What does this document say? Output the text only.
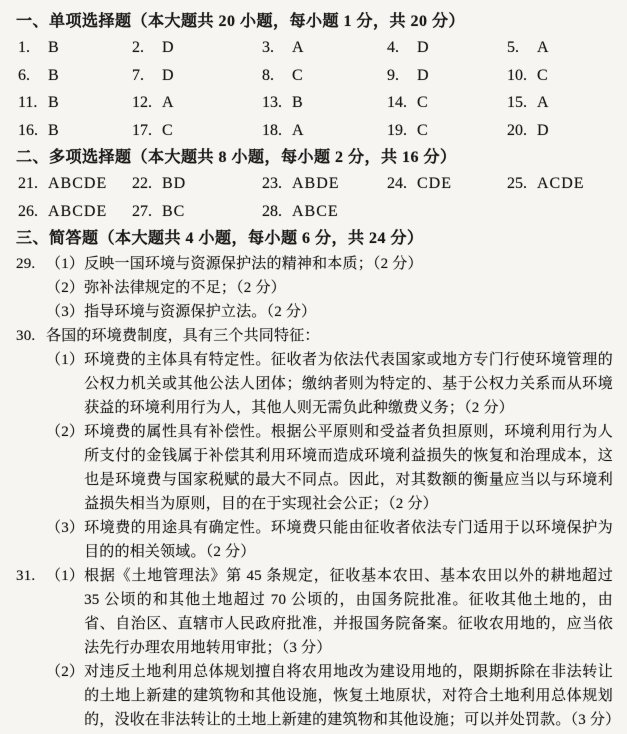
一、单项选择题（本大题共 20 小题，每小题 1 分，共 20 分）
1. B	2. D	3. A	4. D	5. A
6. B	7. D	8. C	9. D	10. C
11. B	12. A	13. B	14. C	15. A
16. B	17. C	18. A	19. C	20. D
二、多项选择题（本大题共 8 小题，每小题 2 分，共 16 分）
21. ABCDE	22. BD	23. ABDE	24. CDE	25. ACDE
26. ABCDE	27. BC	28. ABCE
三、简答题（本大题共 4 小题，每小题 6 分，共 24 分）
29. （1） 反映一国环境与资源保护法的精神和本质；（2 分）
（2） 弥补法律规定的不足；（2 分）
（3） 指导环境与资源保护立法。（2 分）
30. 各国的环境费制度，具有三个共同特征：
（1） 环境费的主体具有特定性。征收者为依法代表国家或地方专门行使环境管理的公权力机关或其他公法人团体；缴纳者则为特定的、基于公权力关系而从环境获益的环境利用行为人，其他人则无需负此种缴费义务；（2 分）
（2） 环境费的属性具有补偿性。根据公平原则和受益者负担原则，环境利用行为人所支付的金钱属于补偿其利用环境而造成环境利益损失的恢复和治理成本，这也是环境费与国家税赋的最大不同点。因此，对其数额的衡量应当以与环境利益损失相当为原则，目的在于实现社会公正；（2 分）
（3） 环境费的用途具有确定性。环境费只能由征收者依法专门适用于以环境保护为目的的相关领域。（2 分）
31. （1） 根据《土地管理法》第 45 条规定，征收基本农田、基本农田以外的耕地超过 35 公顷的和其他土地超过 70 公顷的，由国务院批准。征收其他土地的，由省、自治区、直辖市人民政府批准，并报国务院备案。征收农用地的，应当依法先行办理农用地转用审批；（3 分）
（2） 对违反土地利用总体规划擅自将农用地改为建设用地的，限期拆除在非法转让的土地上新建的建筑物和其他设施，恢复土地原状，对符合土地利用总体规划的，没收在非法转让的土地上新建的建筑物和其他设施；可以并处罚款。（3 分）
